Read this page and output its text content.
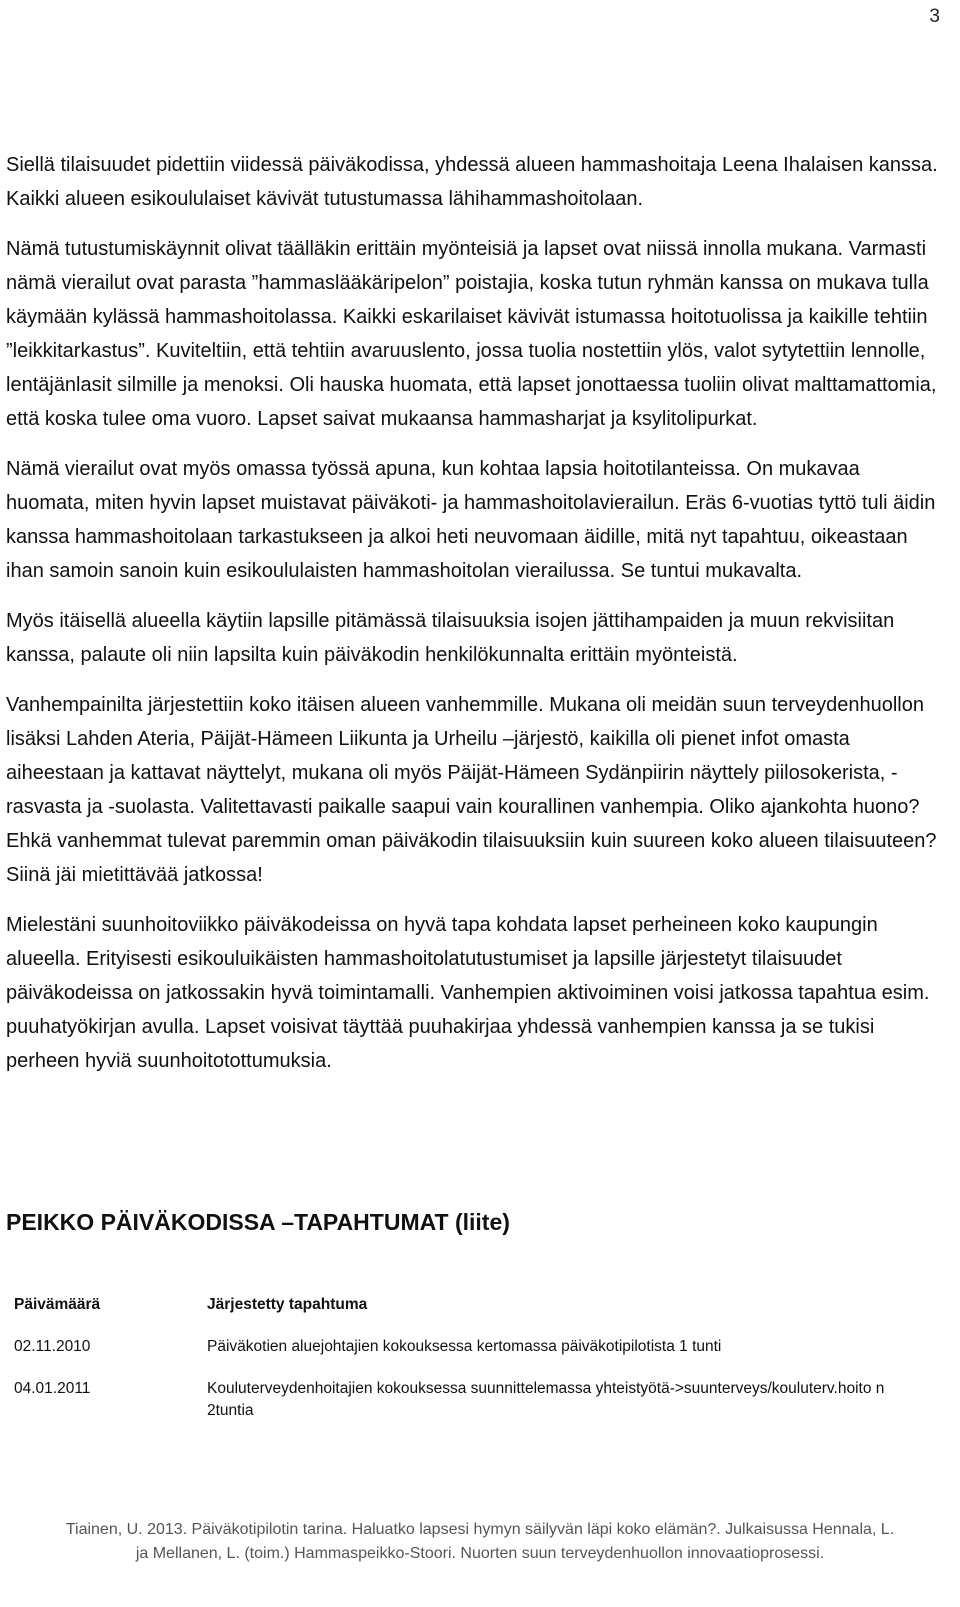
3

Siellä tilaisuudet pidettiin viidessä päiväkodissa, yhdessä alueen hammashoitaja Leena Ihalaisen kanssa. Kaikki alueen esikoululaiset kävivät tutustumassa lähihammashoitolaan.

Nämä tutustumiskäynnit olivat täälläkin erittäin myönteisiä ja lapset ovat niissä innolla mukana. Varmasti nämä vierailut ovat parasta ”hammaslääkäripelon” poistajia, koska tutun ryhmän kanssa on mukava tulla käymään kylässä hammashoitolassa. Kaikki eskarilaiset kävivät istumassa hoitotuolissa ja kaikille tehtiin ”leikkitarkastus”. Kuviteltiin, että tehtiin avaruuslento, jossa tuolia nostettiin ylös, valot sytytettiin lennolle, lentäjänlasit silmille ja menoksi. Oli hauska huomata, että lapset jonottaessa tuoliin olivat malttamattomia, että koska tulee oma vuoro. Lapset saivat mukaansa hammasharjat ja ksylitolipurkat.

Nämä vierailut ovat myös omassa työssä apuna, kun kohtaa lapsia hoitotilanteissa. On mukavaa huomata, miten hyvin lapset muistavat päiväkoti- ja hammashoitolavierailun. Eräs 6-vuotias tyttö tuli äidin kanssa hammashoitolaan tarkastukseen ja alkoi heti neuvomaan äidille, mitä nyt tapahtuu, oikeastaan ihan samoin sanoin kuin esikoululaisten hammashoitolan vierailussa. Se tuntui mukavalta.

Myös itäisellä alueella käytiin lapsille pitämässä tilaisuuksia isojen jättihampaiden ja muun rekvisiitan kanssa, palaute oli niin lapsilta kuin päiväkodin henkilökunnalta erittäin myönteistä.

Vanhempainilta järjestettiin koko itäisen alueen vanhemmille. Mukana oli meidän suun terveydenhuollon lisäksi Lahden Ateria, Päijät-Hämeen Liikunta ja Urheilu –järjestö, kaikilla oli pienet infot omasta aiheestaan ja kattavat näyttelyt, mukana oli myös Päijät-Hämeen Sydänpiirin näyttely piilosokerista, -rasvasta ja -suolasta. Valitettavasti paikalle saapui vain kourallinen vanhempia. Oliko ajankohta huono? Ehkä vanhemmat tulevat paremmin oman päiväkodin tilaisuuksiin kuin suureen koko alueen tilaisuuteen? Siinä jäi mietittävää jatkossa!

Mielestäni suunhoitoviikko päiväkodeissa on hyvä tapa kohdata lapset perheineen koko kaupungin alueella. Erityisesti esikouluikäisten hammashoitolatutustumiset ja lapsille järjestetyt tilaisuudet päiväkodeissa on jatkossakin hyvä toimintamalli. Vanhempien aktivoiminen voisi jatkossa tapahtua esim. puuhatyökirjan avulla. Lapset voisivat täyttää puuhakirjaa yhdessä vanhempien kanssa ja se tukisi perheen hyviä suunhoitotottumuksia.

PEIKKO PÄIVÄKODISSA –TAPAHTUMAT (liite)
Päivämäärä	Järjestetty tapahtuma
02.11.2010	Päiväkotien aluejohtajien kokouksessa kertomassa päiväkotipilotista 1 tunti
04.01.2011	Kouluterveydenhoitajien kokouksessa suunnittelemassa yhteistyötä->suunterveys/kouluterv.hoito n 2tuntia
Tiainen, U. 2013. Päiväkotipilotin tarina. Haluatko lapsesi hymyn säilyvän läpi koko elämän?. Julkaisussa Hennala, L.
ja Mellanen, L. (toim.) Hammaspeikko-Stoori. Nuorten suun terveydenhuollon innovaatioprosessi.
